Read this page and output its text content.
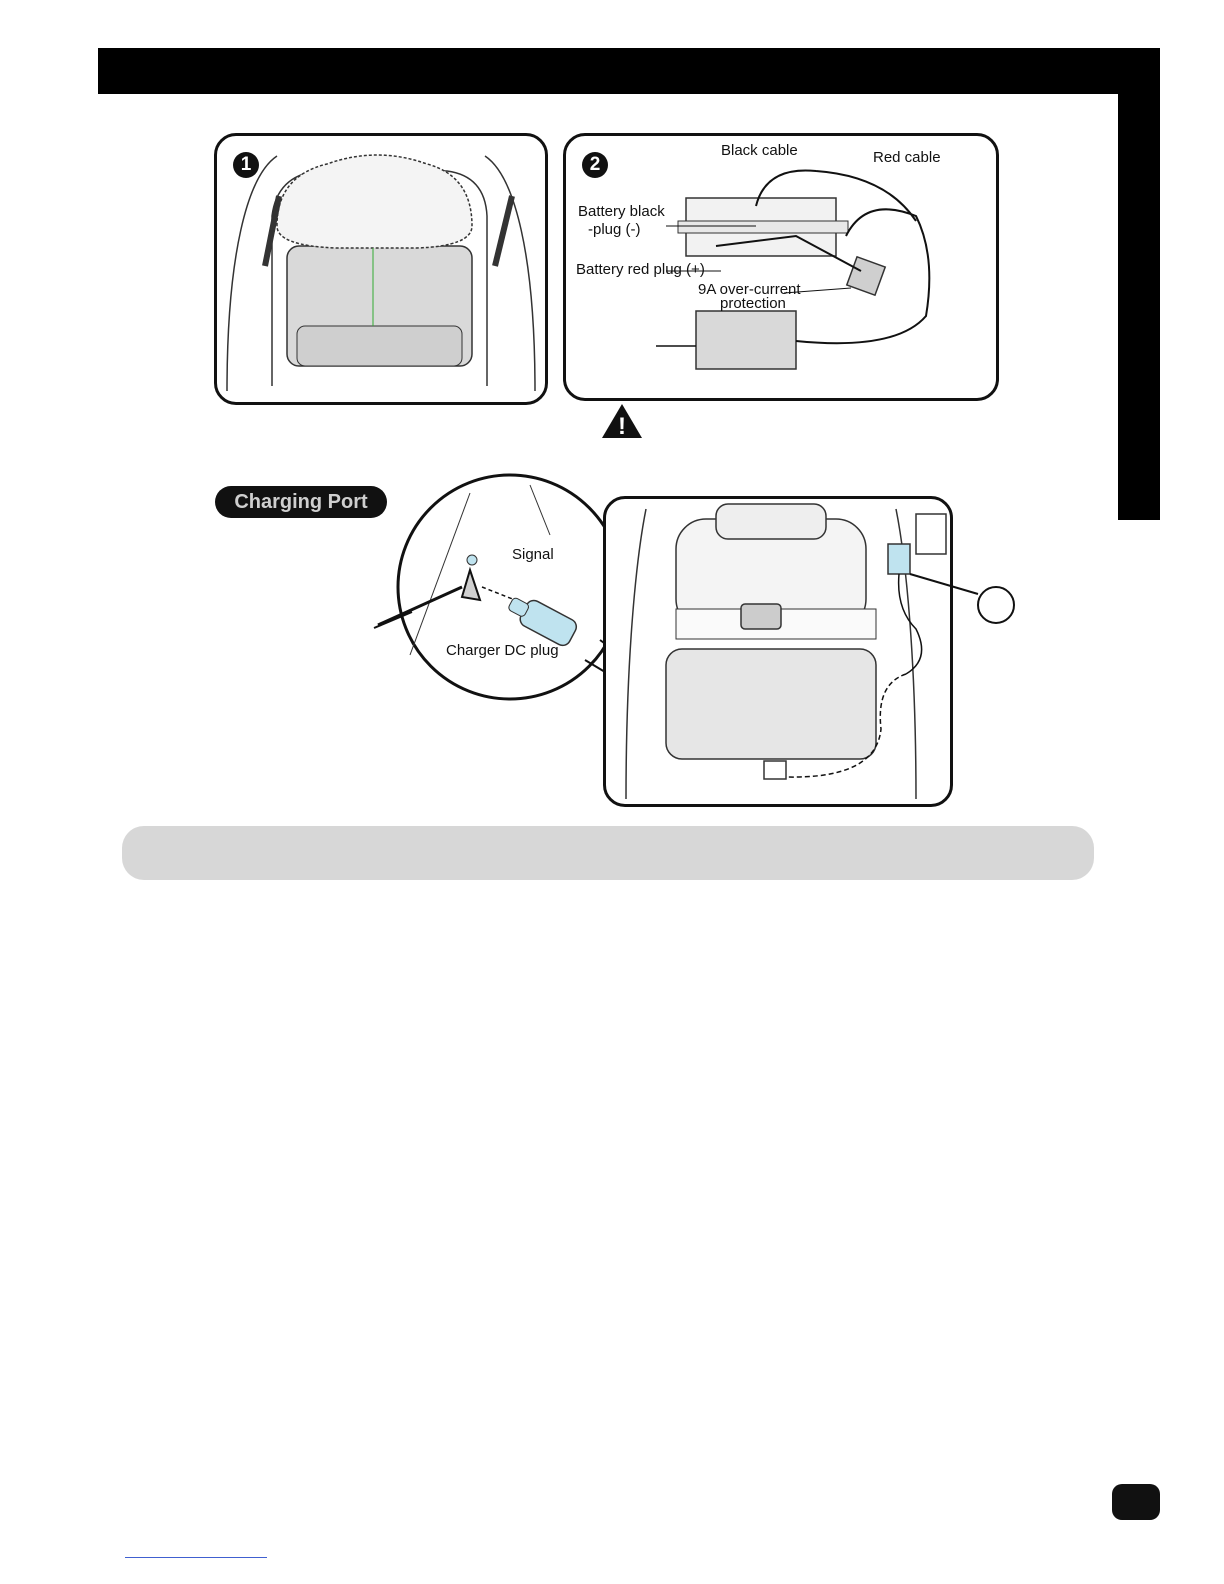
1	2
Black cable	Red cable
Battery black
-plug (-)
Battery red plug (+)
9A over-current
protection
!
Charging Port
Signal
Charger DC plug
